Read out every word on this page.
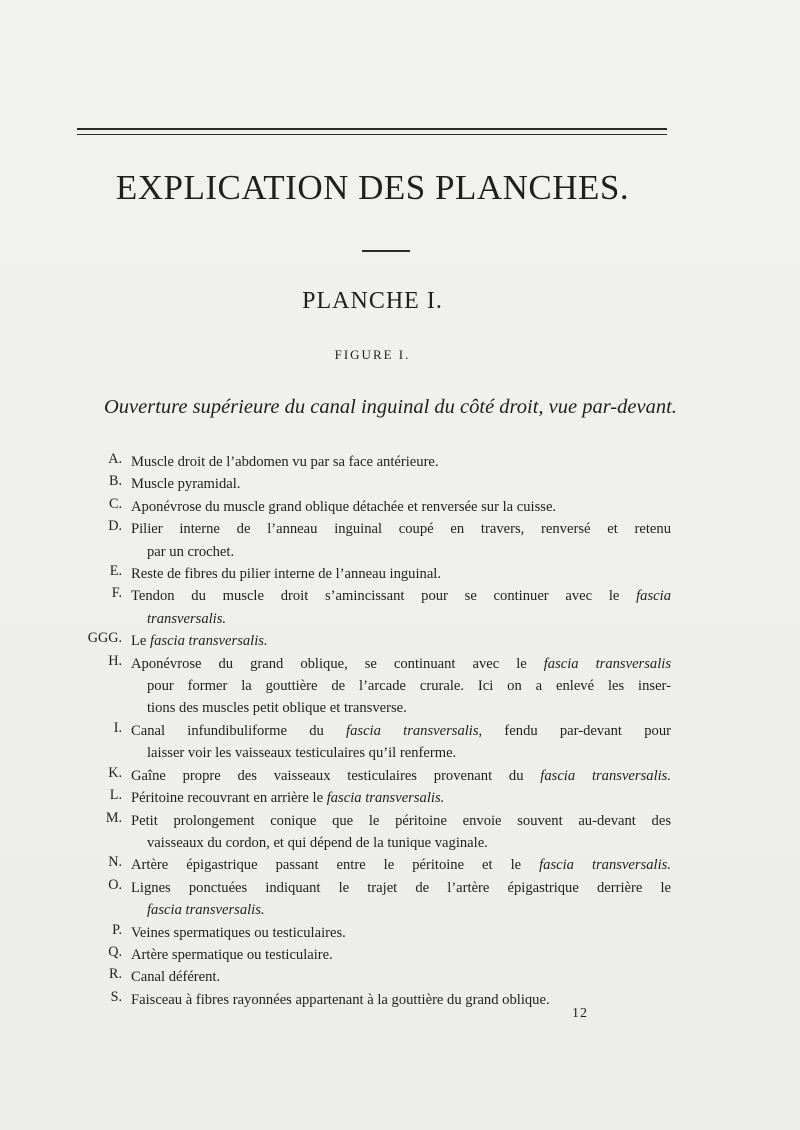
EXPLICATION DES PLANCHES.
PLANCHE I.
FIGURE I.
Ouverture supérieure du canal inguinal du côté droit, vue par-devant.
A. Muscle droit de l’abdomen vu par sa face antérieure.
B. Muscle pyramidal.
C. Aponévrose du muscle grand oblique détachée et renversée sur la cuisse.
D. Pilier interne de l’anneau inguinal coupé en travers, renversé et retenu
par un crochet.
E. Reste de fibres du pilier interne de l’anneau inguinal.
F. Tendon du muscle droit s’amincissant pour se continuer avec le fascia
transversalis.
GGG. Le fascia transversalis.
H. Aponévrose du grand oblique, se continuant avec le fascia transversalis
pour former la gouttière de l’arcade crurale. Ici on a enlevé les inser-
tions des muscles petit oblique et transverse.
I. Canal infundibuliforme du fascia transversalis, fendu par-devant pour
laisser voir les vaisseaux testiculaires qu’il renferme.
K. Gaîne propre des vaisseaux testiculaires provenant du fascia transversalis.
L. Péritoine recouvrant en arrière le fascia transversalis.
M. Petit prolongement conique que le péritoine envoie souvent au-devant des
vaisseaux du cordon, et qui dépend de la tunique vaginale.
N. Artère épigastrique passant entre le péritoine et le fascia transversalis.
O. Lignes ponctuées indiquant le trajet de l’artère épigastrique derrière le
fascia transversalis.
P. Veines spermatiques ou testiculaires.
Q. Artère spermatique ou testiculaire.
R. Canal déférent.
S. Faisceau à fibres rayonnées appartenant à la gouttière du grand oblique.
12
